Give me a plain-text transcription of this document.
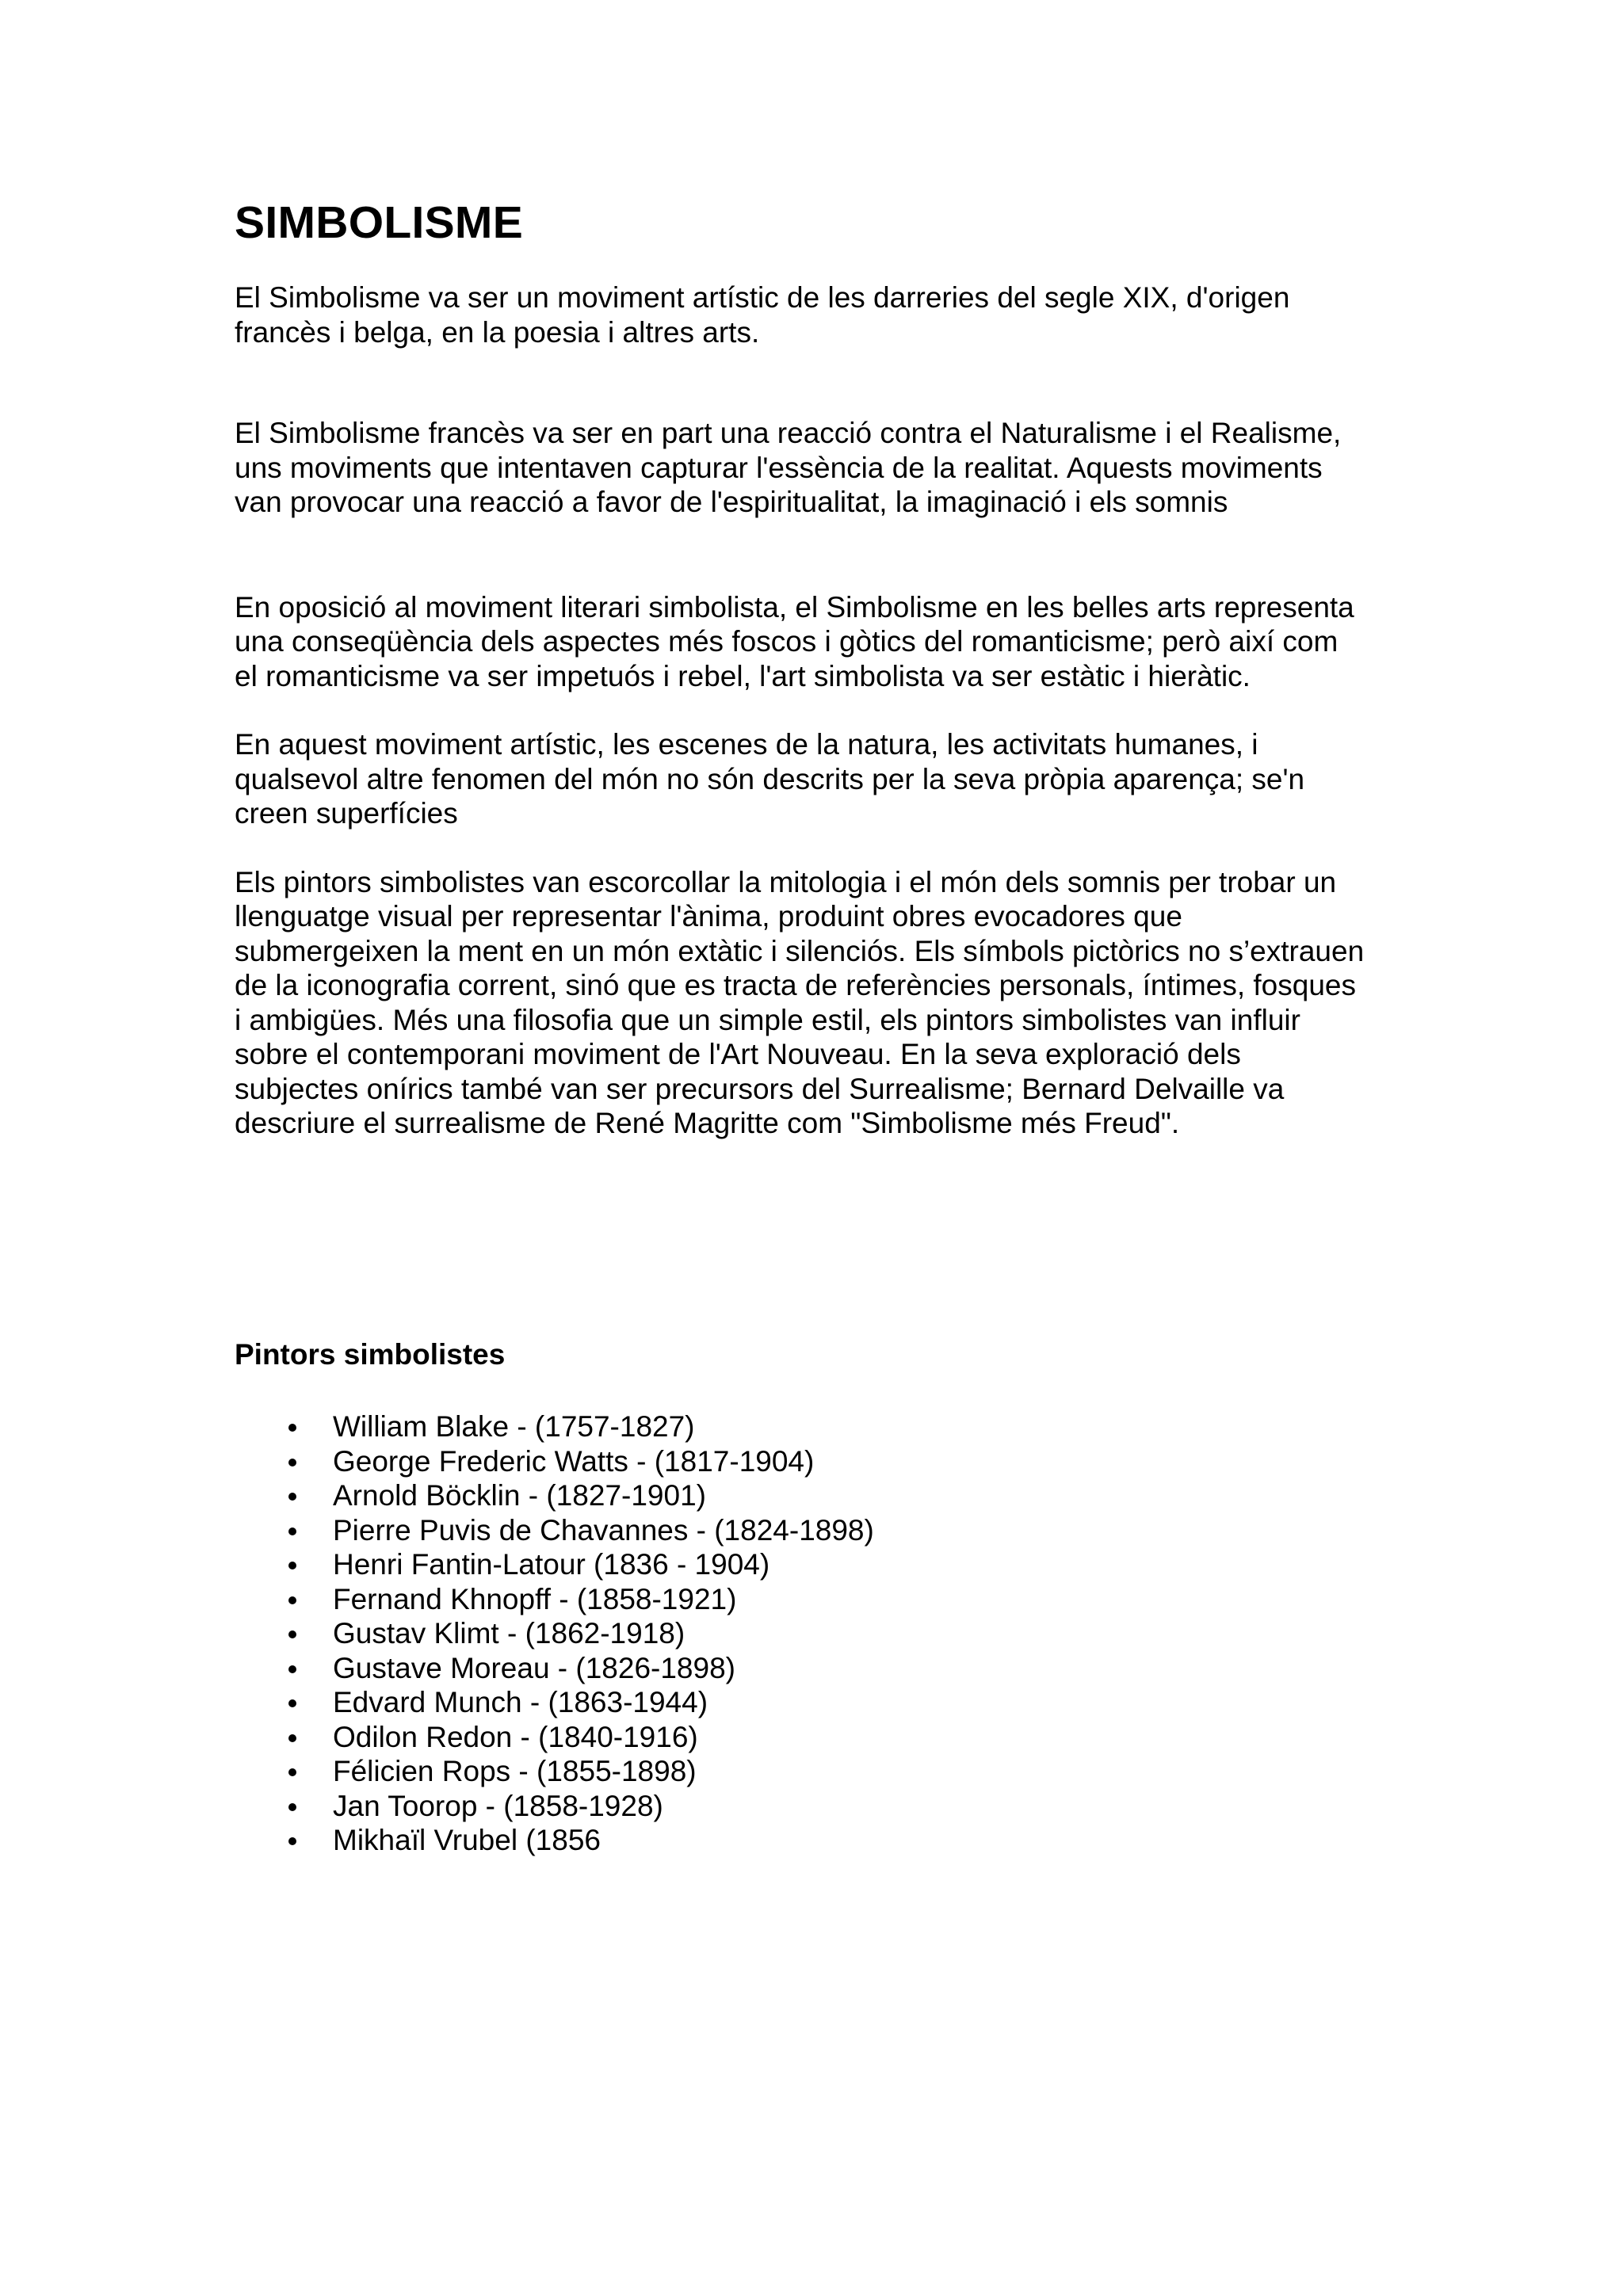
SIMBOLISME

El Simbolisme va ser un moviment artístic de les darreries del segle XIX, d'origen
francès i belga, en la poesia i altres arts.

El Simbolisme francès va ser en part una reacció contra el Naturalisme i el Realisme,
uns moviments que intentaven capturar l'essència de la realitat. Aquests moviments
van provocar una reacció a favor de l'espiritualitat, la imaginació i els somnis

En oposició al moviment literari simbolista, el Simbolisme en les belles arts representa
una conseqüència dels aspectes més foscos i gòtics del romanticisme; però així com
el romanticisme va ser impetuós i rebel, l'art simbolista va ser estàtic i hieràtic.

En aquest moviment artístic, les escenes de la natura, les activitats humanes, i
qualsevol altre fenomen del món no són descrits per la seva pròpia aparença; se'n
creen superfícies

Els pintors simbolistes van escorcollar la mitologia i el món dels somnis per trobar un
llenguatge visual per representar l'ànima, produint obres evocadores que
submergeixen la ment en un món extàtic i silenciós. Els símbols pictòrics no s’extrauen
de la iconografia corrent, sinó que es tracta de referències personals, íntimes, fosques
i ambigües. Més una filosofia que un simple estil, els pintors simbolistes van influir
sobre el contemporani moviment de l'Art Nouveau. En la seva exploració dels
subjectes onírics també van ser precursors del Surrealisme; Bernard Delvaille va
descriure el surrealisme de René Magritte com "Simbolisme més Freud".

Pintors simbolistes
William Blake - (1757-1827)
George Frederic Watts - (1817-1904)
Arnold Böcklin - (1827-1901)
Pierre Puvis de Chavannes - (1824-1898)
Henri Fantin-Latour (1836 - 1904)
Fernand Khnopff - (1858-1921)
Gustav Klimt - (1862-1918)
Gustave Moreau - (1826-1898)
Edvard Munch - (1863-1944)
Odilon Redon - (1840-1916)
Félicien Rops - (1855-1898)
Jan Toorop - (1858-1928)
Mikhaïl Vrubel (1856
